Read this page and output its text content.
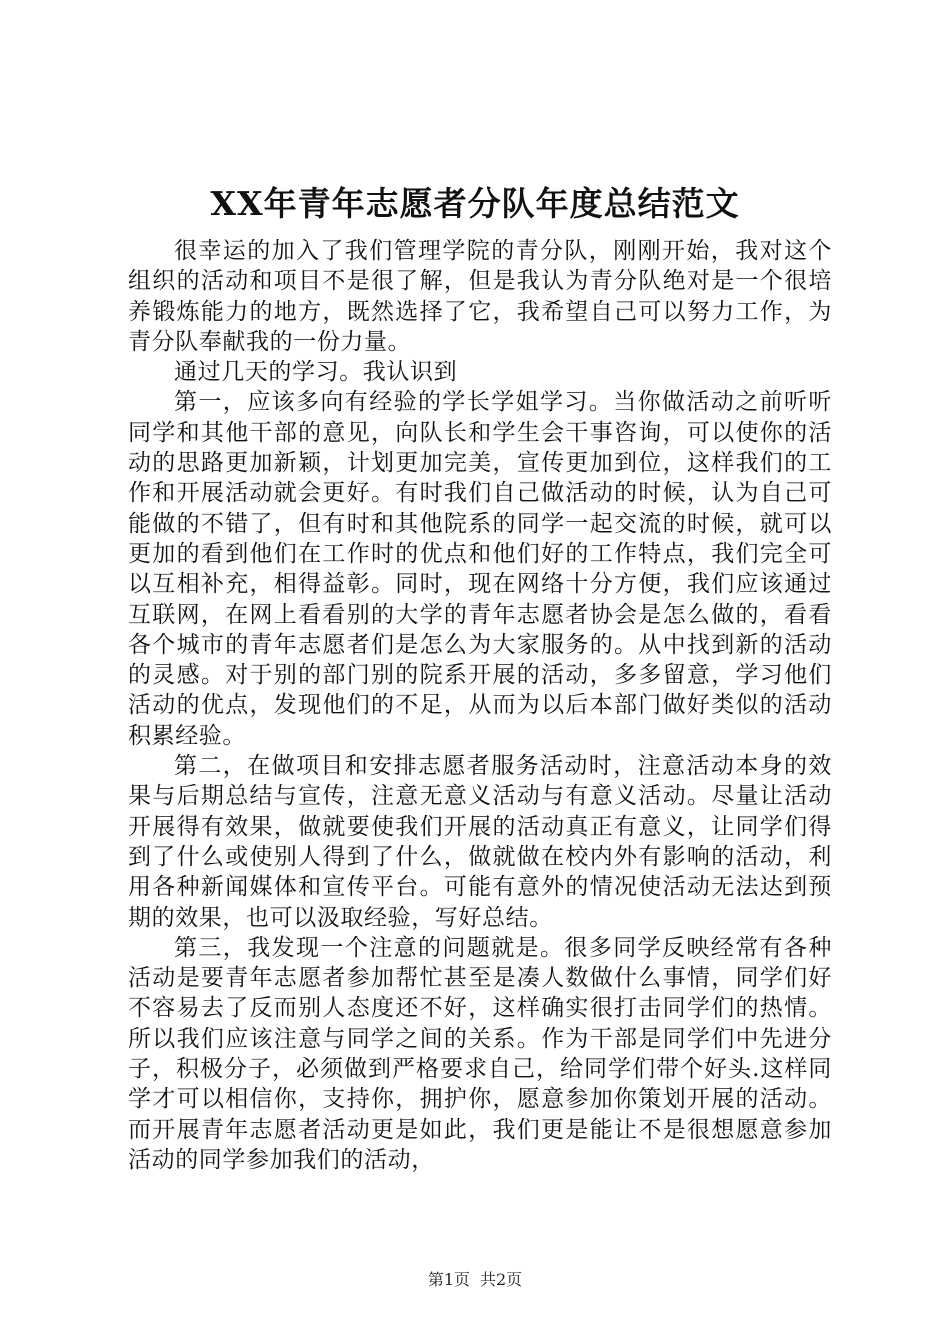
XX年青年志愿者分队年度总结范文

很幸运的加入了我们管理学院的青分队，刚刚开始，我对这个组织的活动和项目不是很了解，但是我认为青分队绝对是一个很培养锻炼能力的地方，既然选择了它，我希望自己可以努力工作，为青分队奉献我的一份力量。

通过几天的学习。我认识到

第一，应该多向有经验的学长学姐学习。当你做活动之前听听同学和其他干部的意见，向队长和学生会干事咨询，可以使你的活动的思路更加新颖，计划更加完美，宣传更加到位，这样我们的工作和开展活动就会更好。有时我们自己做活动的时候，认为自己可能做的不错了，但有时和其他院系的同学一起交流的时候，就可以更加的看到他们在工作时的优点和他们好的工作特点，我们完全可以互相补充，相得益彰。同时，现在网络十分方便，我们应该通过互联网，在网上看看别的大学的青年志愿者协会是怎么做的，看看各个城市的青年志愿者们是怎么为大家服务的。从中找到新的活动的灵感。对于别的部门别的院系开展的活动，多多留意，学习他们活动的优点，发现他们的不足，从而为以后本部门做好类似的活动积累经验。

第二，在做项目和安排志愿者服务活动时，注意活动本身的效果与后期总结与宣传，注意无意义活动与有意义活动。尽量让活动开展得有效果，做就要使我们开展的活动真正有意义，让同学们得到了什么或使别人得到了什么，做就做在校内外有影响的活动，利用各种新闻媒体和宣传平台。可能有意外的情况使活动无法达到预期的效果，也可以汲取经验，写好总结。

第三，我发现一个注意的问题就是。很多同学反映经常有各种活动是要青年志愿者参加帮忙甚至是凑人数做什么事情，同学们好不容易去了反而别人态度还不好，这样确实很打击同学们的热情。所以我们应该注意与同学之间的关系。作为干部是同学们中先进分子，积极分子，必须做到严格要求自己，给同学们带个好头.这样同学才可以相信你，支持你，拥护你，愿意参加你策划开展的活动。而开展青年志愿者活动更是如此，我们更是能让不是很想愿意参加活动的同学参加我们的活动，

第1页 共2页
